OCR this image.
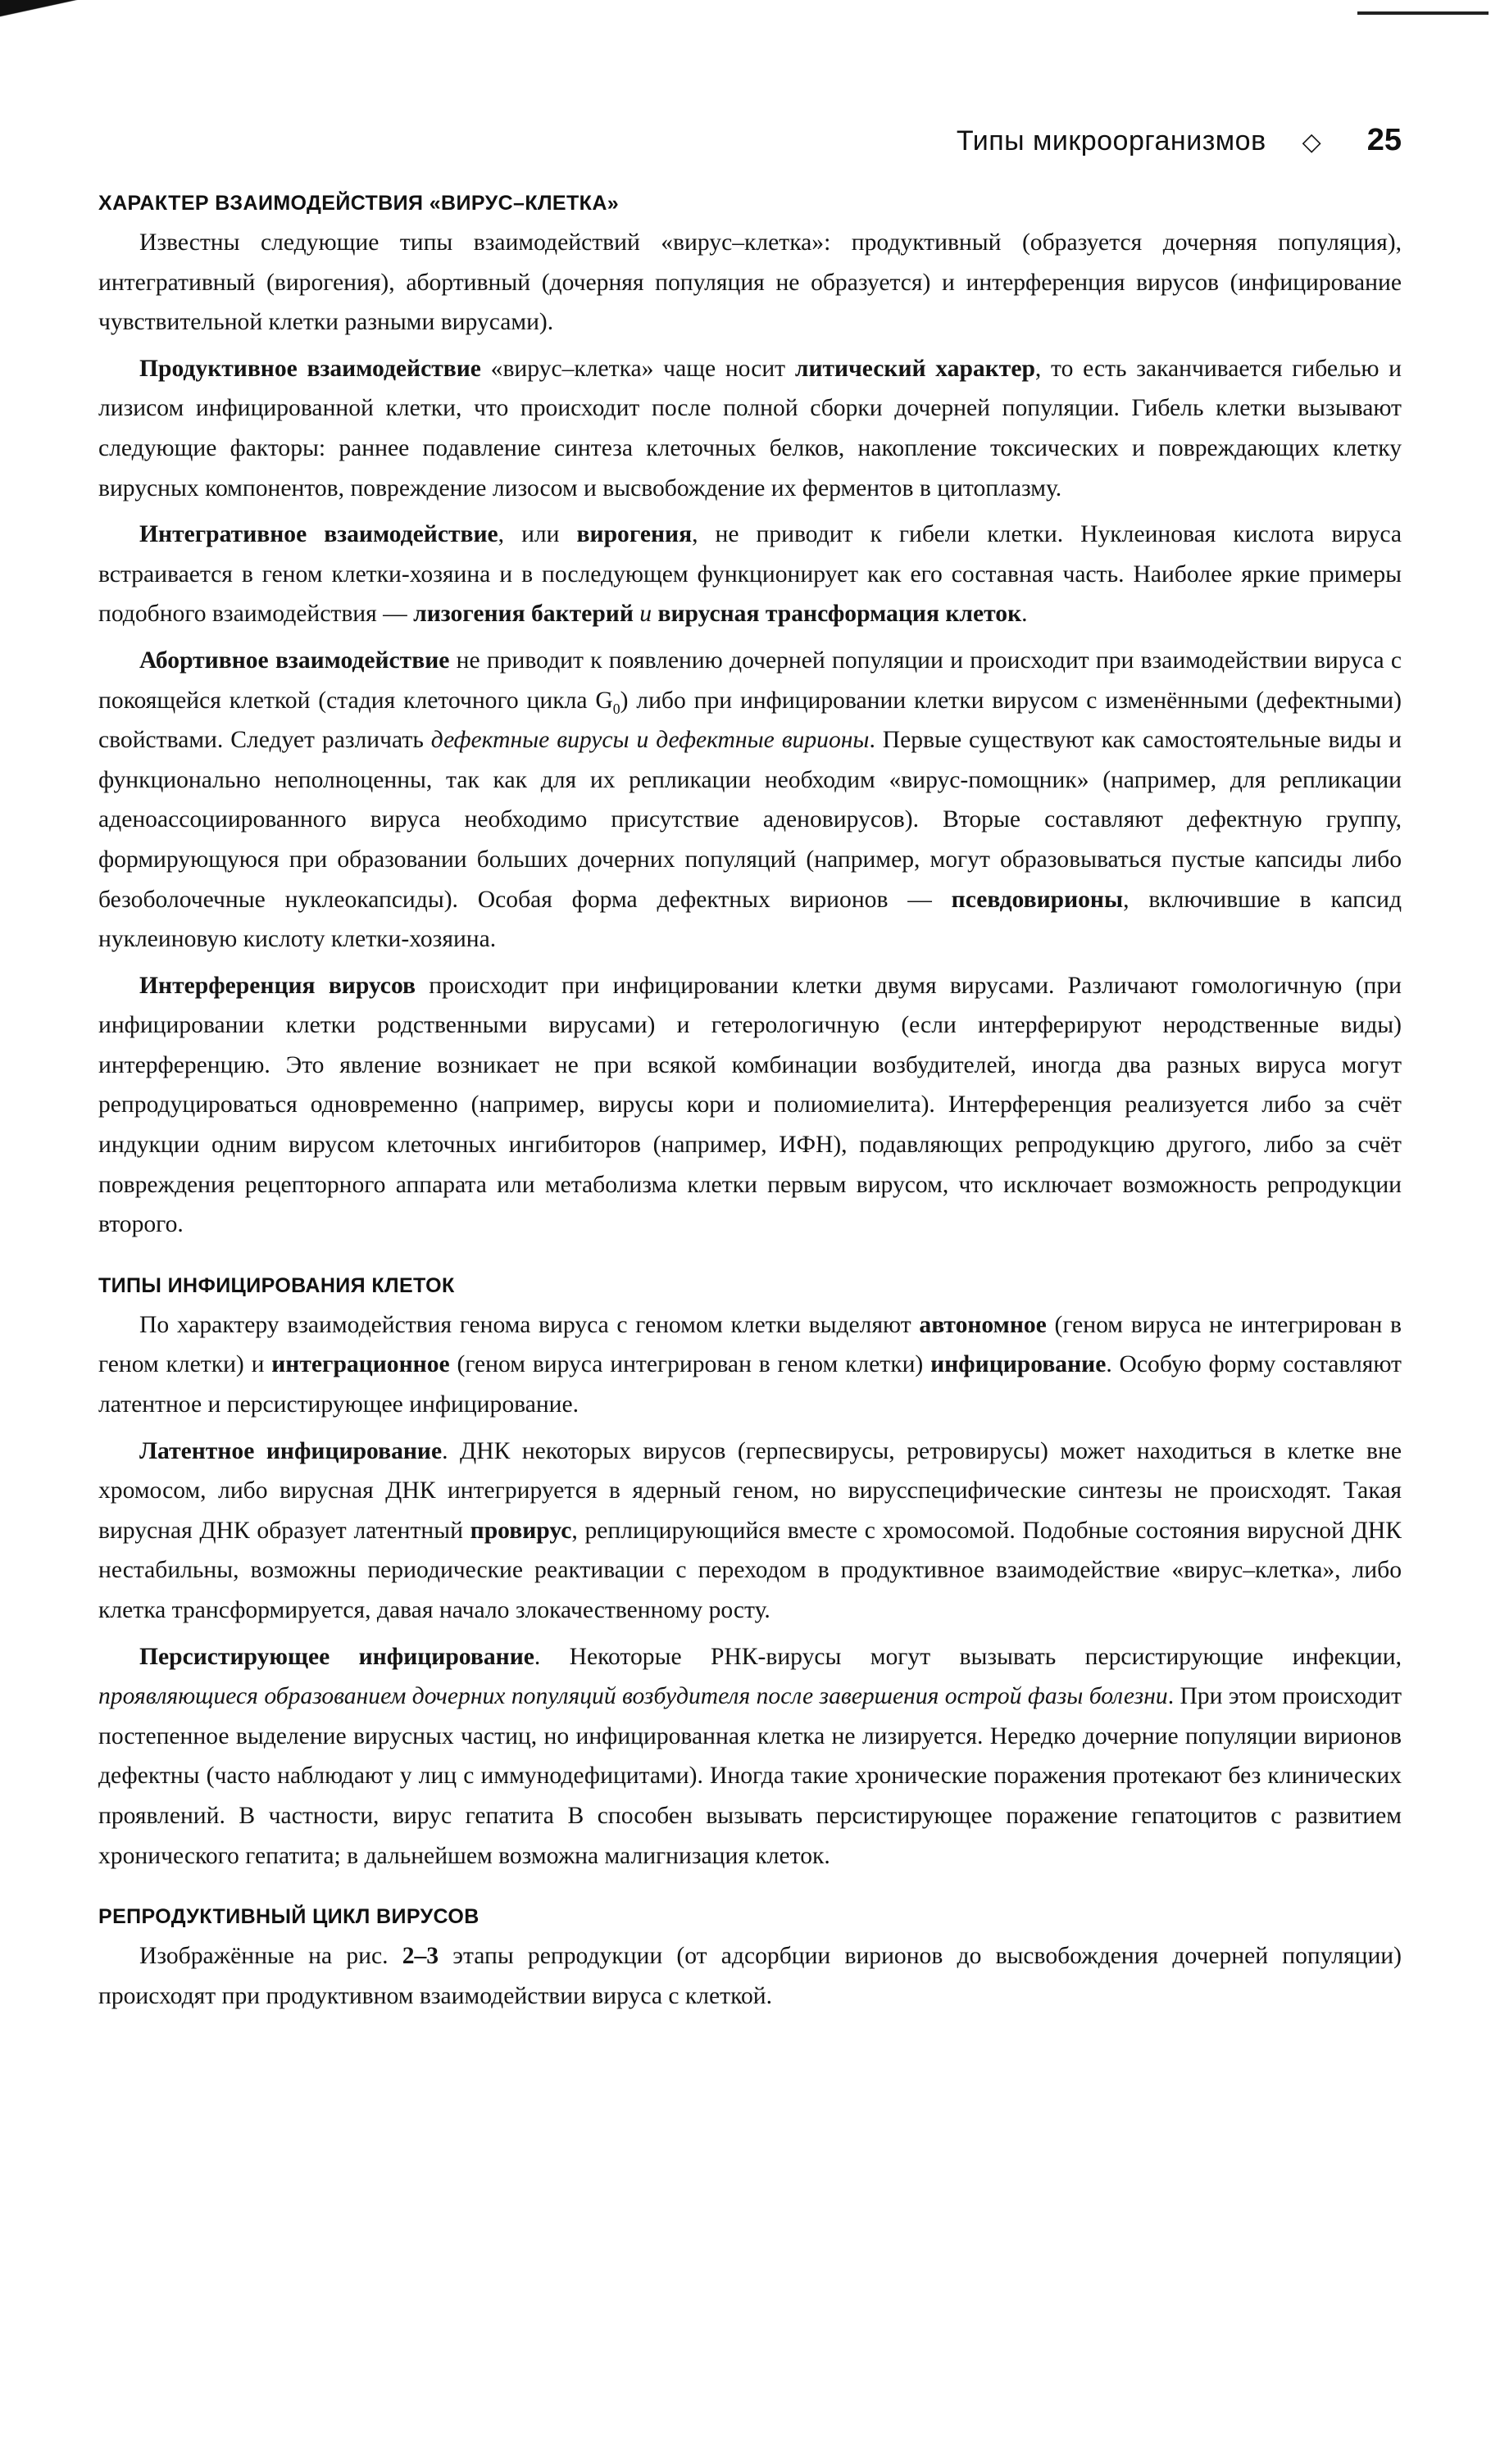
Типы микроорганизмов ◇ 25
ХАРАКТЕР ВЗАИМОДЕЙСТВИЯ «ВИРУС–КЛЕТКА»

Известны следующие типы взаимодействий «вирус–клетка»: продуктивный (образуется дочерняя популяция), интегративный (вирогения), абортивный (дочерняя популяция не образуется) и интерференция вирусов (инфицирование чувствительной клетки разными вирусами).

Продуктивное взаимодействие «вирус–клетка» чаще носит литический характер, то есть заканчивается гибелью и лизисом инфицированной клетки, что происходит после полной сборки дочерней популяции. Гибель клетки вызывают следующие факторы: раннее подавление синтеза клеточных белков, накопление токсических и повреждающих клетку вирусных компонентов, повреждение лизосом и высвобождение их ферментов в цитоплазму.

Интегративное взаимодействие, или вирогения, не приводит к гибели клетки. Нуклеиновая кислота вируса встраивается в геном клетки-хозяина и в последующем функционирует как его составная часть. Наиболее яркие примеры подобного взаимодействия — лизогения бактерий и вирусная трансформация клеток.

Абортивное взаимодействие не приводит к появлению дочерней популяции и происходит при взаимодействии вируса с покоящейся клеткой (стадия клеточного цикла $G_0$) либо при инфицировании клетки вирусом с изменёнными (дефектными) свойствами. Следует различать дефектные вирусы и дефектные вирионы. Первые существуют как самостоятельные виды и функционально неполноценны, так как для их репликации необходим «вирус-помощник» (например, для репликации аденоассоциированного вируса необходимо присутствие аденовирусов). Вторые составляют дефектную группу, формирующуюся при образовании больших дочерних популяций (например, могут образовываться пустые капсиды либо безоболочечные нуклеокапсиды). Особая форма дефектных вирионов — псевдовирионы, включившие в капсид нуклеиновую кислоту клетки-хозяина.

Интерференция вирусов происходит при инфицировании клетки двумя вирусами. Различают гомологичную (при инфицировании клетки родственными вирусами) и гетерологичную (если интерферируют неродственные виды) интерференцию. Это явление возникает не при всякой комбинации возбудителей, иногда два разных вируса могут репродуцироваться одновременно (например, вирусы кори и полиомиелита). Интерференция реализуется либо за счёт индукции одним вирусом клеточных ингибиторов (например, ИФН), подавляющих репродукцию другого, либо за счёт повреждения рецепторного аппарата или метаболизма клетки первым вирусом, что исключает возможность репродукции второго.

ТИПЫ ИНФИЦИРОВАНИЯ КЛЕТОК

По характеру взаимодействия генома вируса с геномом клетки выделяют автономное (геном вируса не интегрирован в геном клетки) и интеграционное (геном вируса интегрирован в геном клетки) инфицирование. Особую форму составляют латентное и персистирующее инфицирование.

Латентное инфицирование. ДНК некоторых вирусов (герпесвирусы, ретровирусы) может находиться в клетке вне хромосом, либо вирусная ДНК интегрируется в ядерный геном, но вирусспецифические синтезы не происходят. Такая вирусная ДНК образует латентный провирус, реплицирующийся вместе с хромосомой. Подобные состояния вирусной ДНК нестабильны, возможны периодические реактивации с переходом в продуктивное взаимодействие «вирус–клетка», либо клетка трансформируется, давая начало злокачественному росту.

Персистирующее инфицирование. Некоторые РНК-вирусы могут вызывать персистирующие инфекции, проявляющиеся образованием дочерних популяций возбудителя после завершения острой фазы болезни. При этом происходит постепенное выделение вирусных частиц, но инфицированная клетка не лизируется. Нередко дочерние популяции вирионов дефектны (часто наблюдают у лиц с иммунодефицитами). Иногда такие хронические поражения протекают без клинических проявлений. В частности, вирус гепатита В способен вызывать персистирующее поражение гепатоцитов с развитием хронического гепатита; в дальнейшем возможна малигнизация клеток.

РЕПРОДУКТИВНЫЙ ЦИКЛ ВИРУСОВ

Изображённые на рис. 2–3 этапы репродукции (от адсорбции вирионов до высвобождения дочерней популяции) происходят при продуктивном взаимодействии вируса с клеткой.
